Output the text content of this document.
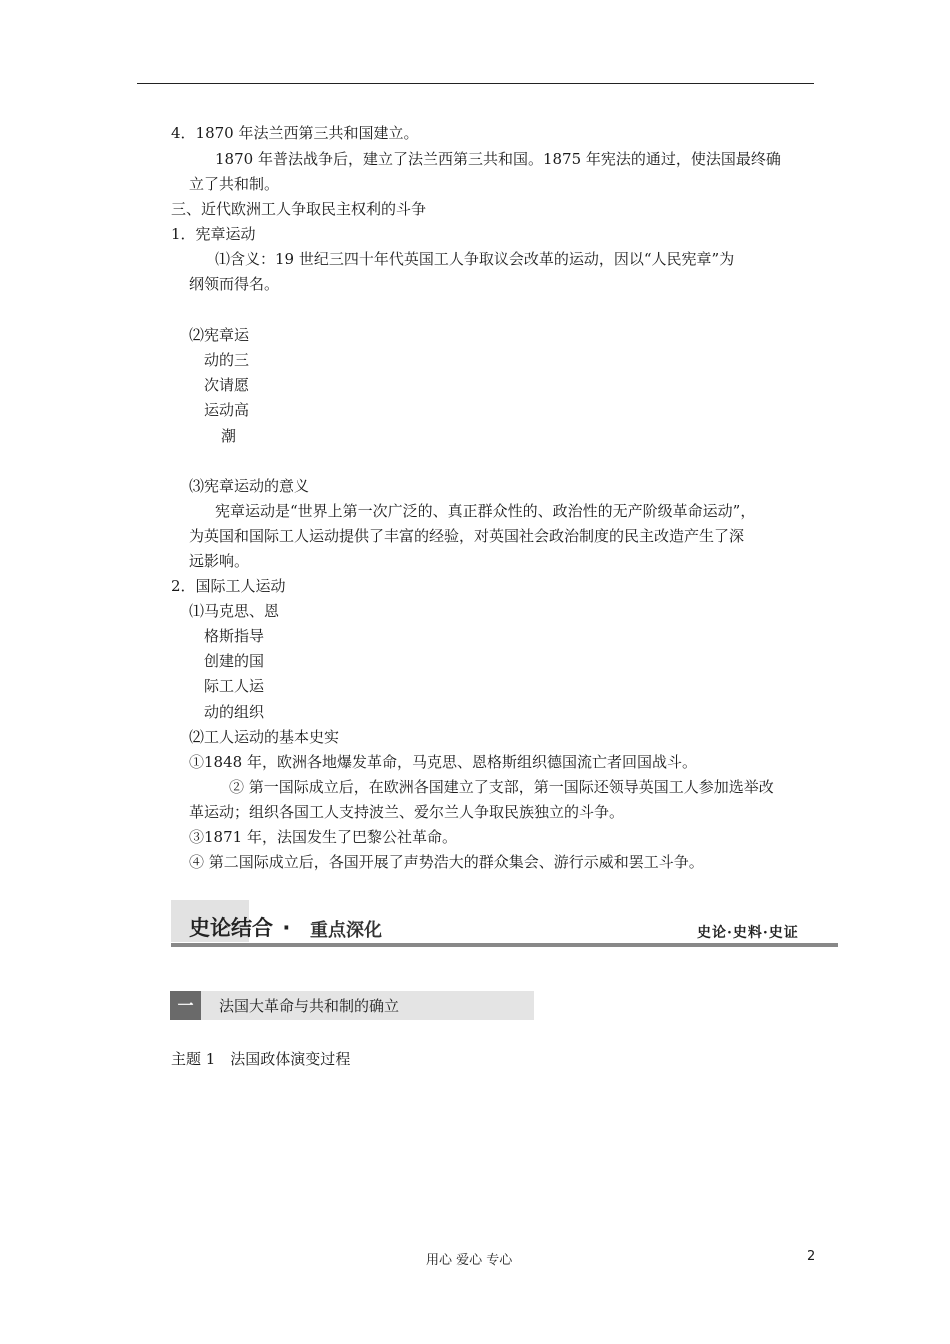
4．1870 年法兰西第三共和国建立。
1870 年普法战争后，建立了法兰西第三共和国。1875 年宪法的通过，使法国最终确
立了共和制。
三、近代欧洲工人争取民主权利的斗争
1．宪章运动
⑴含义：19 世纪三四十年代英国工人争取议会改革的运动，因以“人民宪章”为
纲领而得名。
⑵宪章运
动的三
次请愿
运动高
潮
⑶宪章运动的意义
宪章运动是“世界上第一次广泛的、真正群众性的、政治性的无产阶级革命运动”，
为英国和国际工人运动提供了丰富的经验，对英国社会政治制度的民主改造产生了深
远影响。
2．国际工人运动
⑴马克思、恩
格斯指导
创建的国
际工人运
动的组织
⑵工人运动的基本史实
①1848 年，欧洲各地爆发革命，马克思、恩格斯组织德国流亡者回国战斗。
② 第一国际成立后，在欧洲各国建立了支部，第一国际还领导英国工人参加选举改
革运动；组织各国工人支持波兰、爱尔兰人争取民族独立的斗争。
③1871 年，法国发生了巴黎公社革命。
④ 第二国际成立后，各国开展了声势浩大的群众集会、游行示威和罢工斗争。
史论结合 · 重点深化	史论·史料·史证
一	法国大革命与共和制的确立
主题 1　法国政体演变过程
用心 爱心 专心	2
